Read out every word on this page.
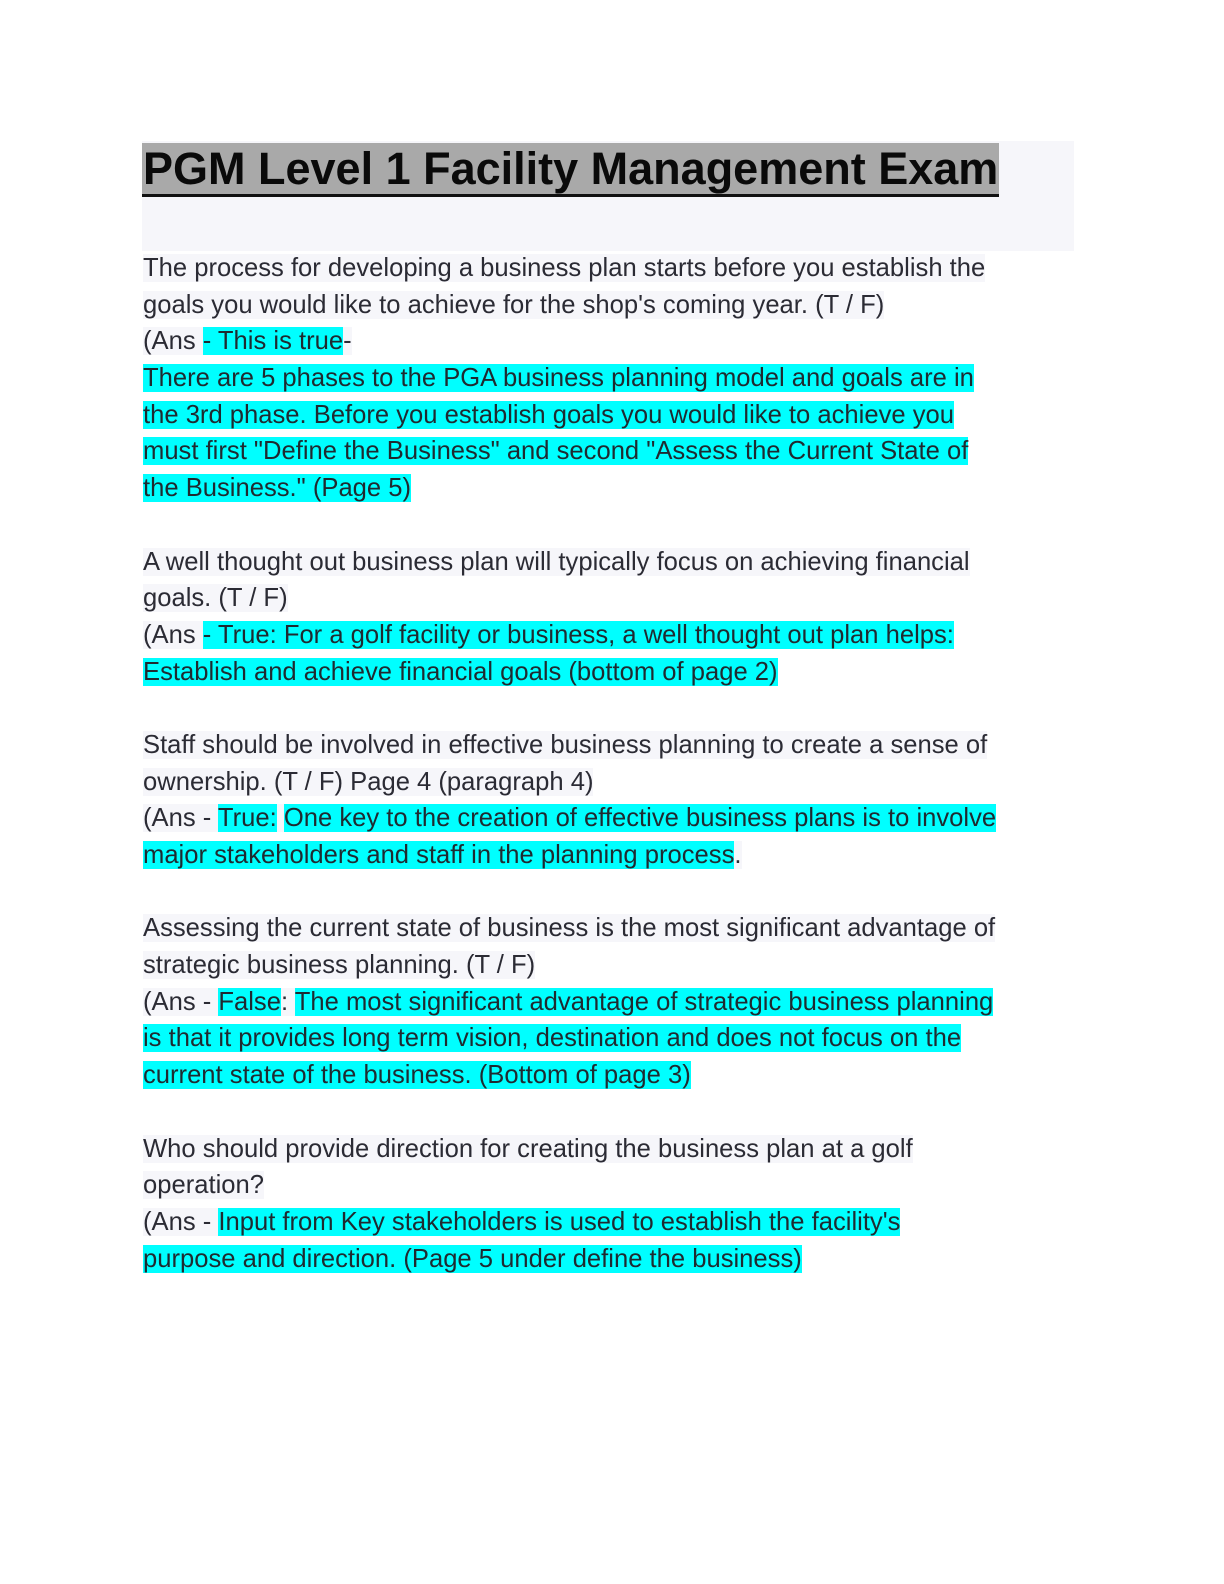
PGM Level 1 Facility Management Exam
The process for developing a business plan starts before you establish the
goals you would like to achieve for the shop's coming year. (T / F)
(Ans - This is true-
There are 5 phases to the PGA business planning model and goals are in
the 3rd phase. Before you establish goals you would like to achieve you
must first "Define the Business" and second "Assess the Current State of
the Business." (Page 5)
A well thought out business plan will typically focus on achieving financial
goals. (T / F)
(Ans - True: For a golf facility or business, a well thought out plan helps:
Establish and achieve financial goals (bottom of page 2)
Staff should be involved in effective business planning to create a sense of
ownership. (T / F) Page 4 (paragraph 4)
(Ans - True: One key to the creation of effective business plans is to involve
major stakeholders and staff in the planning process.
Assessing the current state of business is the most significant advantage of
strategic business planning. (T / F)
(Ans - False: The most significant advantage of strategic business planning
is that it provides long term vision, destination and does not focus on the
current state of the business. (Bottom of page 3)
Who should provide direction for creating the business plan at a golf
operation?
(Ans - Input from Key stakeholders is used to establish the facility's
purpose and direction. (Page 5 under define the business)
